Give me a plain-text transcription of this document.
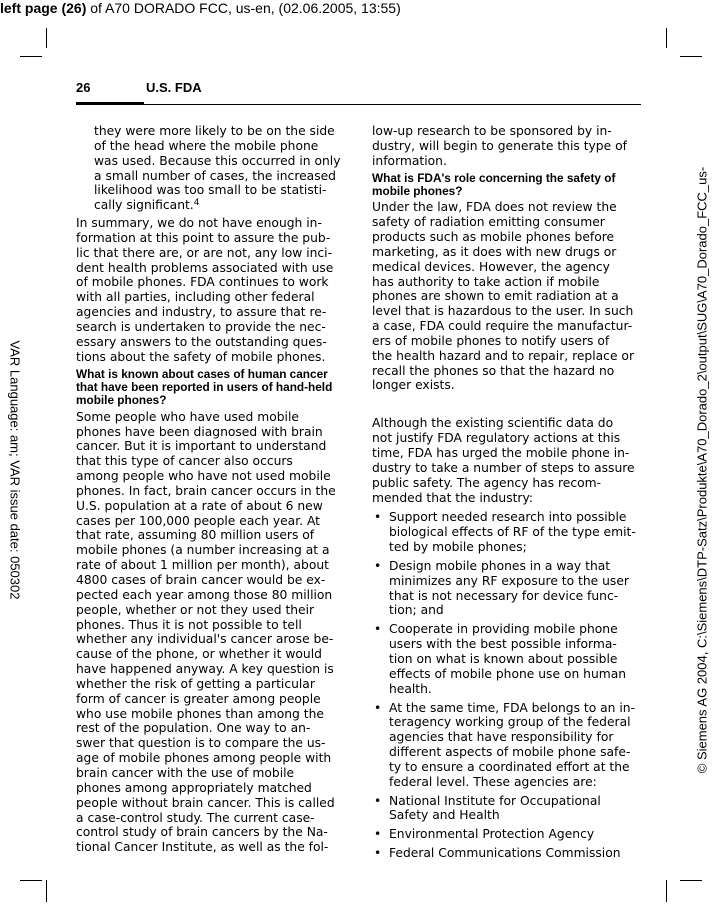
left page (26) of A70 DORADO FCC, us-en, (02.06.2005, 13:55)
VAR Language: am; VAR issue date: 050302	© Siemens AG 2004, C:\Siemens\DTP-Satz\Produkte\A70_Dorado_2\output\SUG\A70_Dorado_FCC_us-
26	U.S. FDA

they were more likely to be on the side
of the head where the mobile phone
was used. Because this occurred in only
a small number of cases, the increased
likelihood was too small to be statisti-
cally significant.$^4$

In summary, we do not have enough in-
formation at this point to assure the pub-
lic that there are, or are not, any low inci-
dent health problems associated with use
of mobile phones. FDA continues to work
with all parties, including other federal
agencies and industry, to assure that re-
search is undertaken to provide the nec-
essary answers to the outstanding ques-
tions about the safety of mobile phones.

What is known about cases of human cancer
that have been reported in users of hand-held
mobile phones?

Some people who have used mobile
phones have been diagnosed with brain
cancer. But it is important to understand
that this type of cancer also occurs
among people who have not used mobile
phones. In fact, brain cancer occurs in the
U.S. population at a rate of about 6 new
cases per 100,000 people each year. At
that rate, assuming 80 million users of
mobile phones (a number increasing at a
rate of about 1 million per month), about
4800 cases of brain cancer would be ex-
pected each year among those 80 million
people, whether or not they used their
phones. Thus it is not possible to tell
whether any individual's cancer arose be-
cause of the phone, or whether it would
have happened anyway. A key question is
whether the risk of getting a particular
form of cancer is greater among people
who use mobile phones than among the
rest of the population. One way to an-
swer that question is to compare the us-
age of mobile phones among people with
brain cancer with the use of mobile
phones among appropriately matched
people without brain cancer. This is called
a case-control study. The current case-
control study of brain cancers by the Na-
tional Cancer Institute, as well as the fol-

low-up research to be sponsored by in-
dustry, will begin to generate this type of
information.

What is FDA's role concerning the safety of
mobile phones?

Under the law, FDA does not review the
safety of radiation emitting consumer
products such as mobile phones before
marketing, as it does with new drugs or
medical devices. However, the agency
has authority to take action if mobile
phones are shown to emit radiation at a
level that is hazardous to the user. In such
a case, FDA could require the manufactur-
ers of mobile phones to notify users of
the health hazard and to repair, replace or
recall the phones so that the hazard no
longer exists.

Although the existing scientific data do
not justify FDA regulatory actions at this
time, FDA has urged the mobile phone in-
dustry to take a number of steps to assure
public safety. The agency has recom-
mended that the industry:

• Support needed research into possible
biological effects of RF of the type emit-
ted by mobile phones;
• Design mobile phones in a way that
minimizes any RF exposure to the user
that is not necessary for device func-
tion; and
• Cooperate in providing mobile phone
users with the best possible informa-
tion on what is known about possible
effects of mobile phone use on human
health.
• At the same time, FDA belongs to an in-
teragency working group of the federal
agencies that have responsibility for
different aspects of mobile phone safe-
ty to ensure a coordinated effort at the
federal level. These agencies are:
• National Institute for Occupational
Safety and Health
• Environmental Protection Agency
• Federal Communications Commission
